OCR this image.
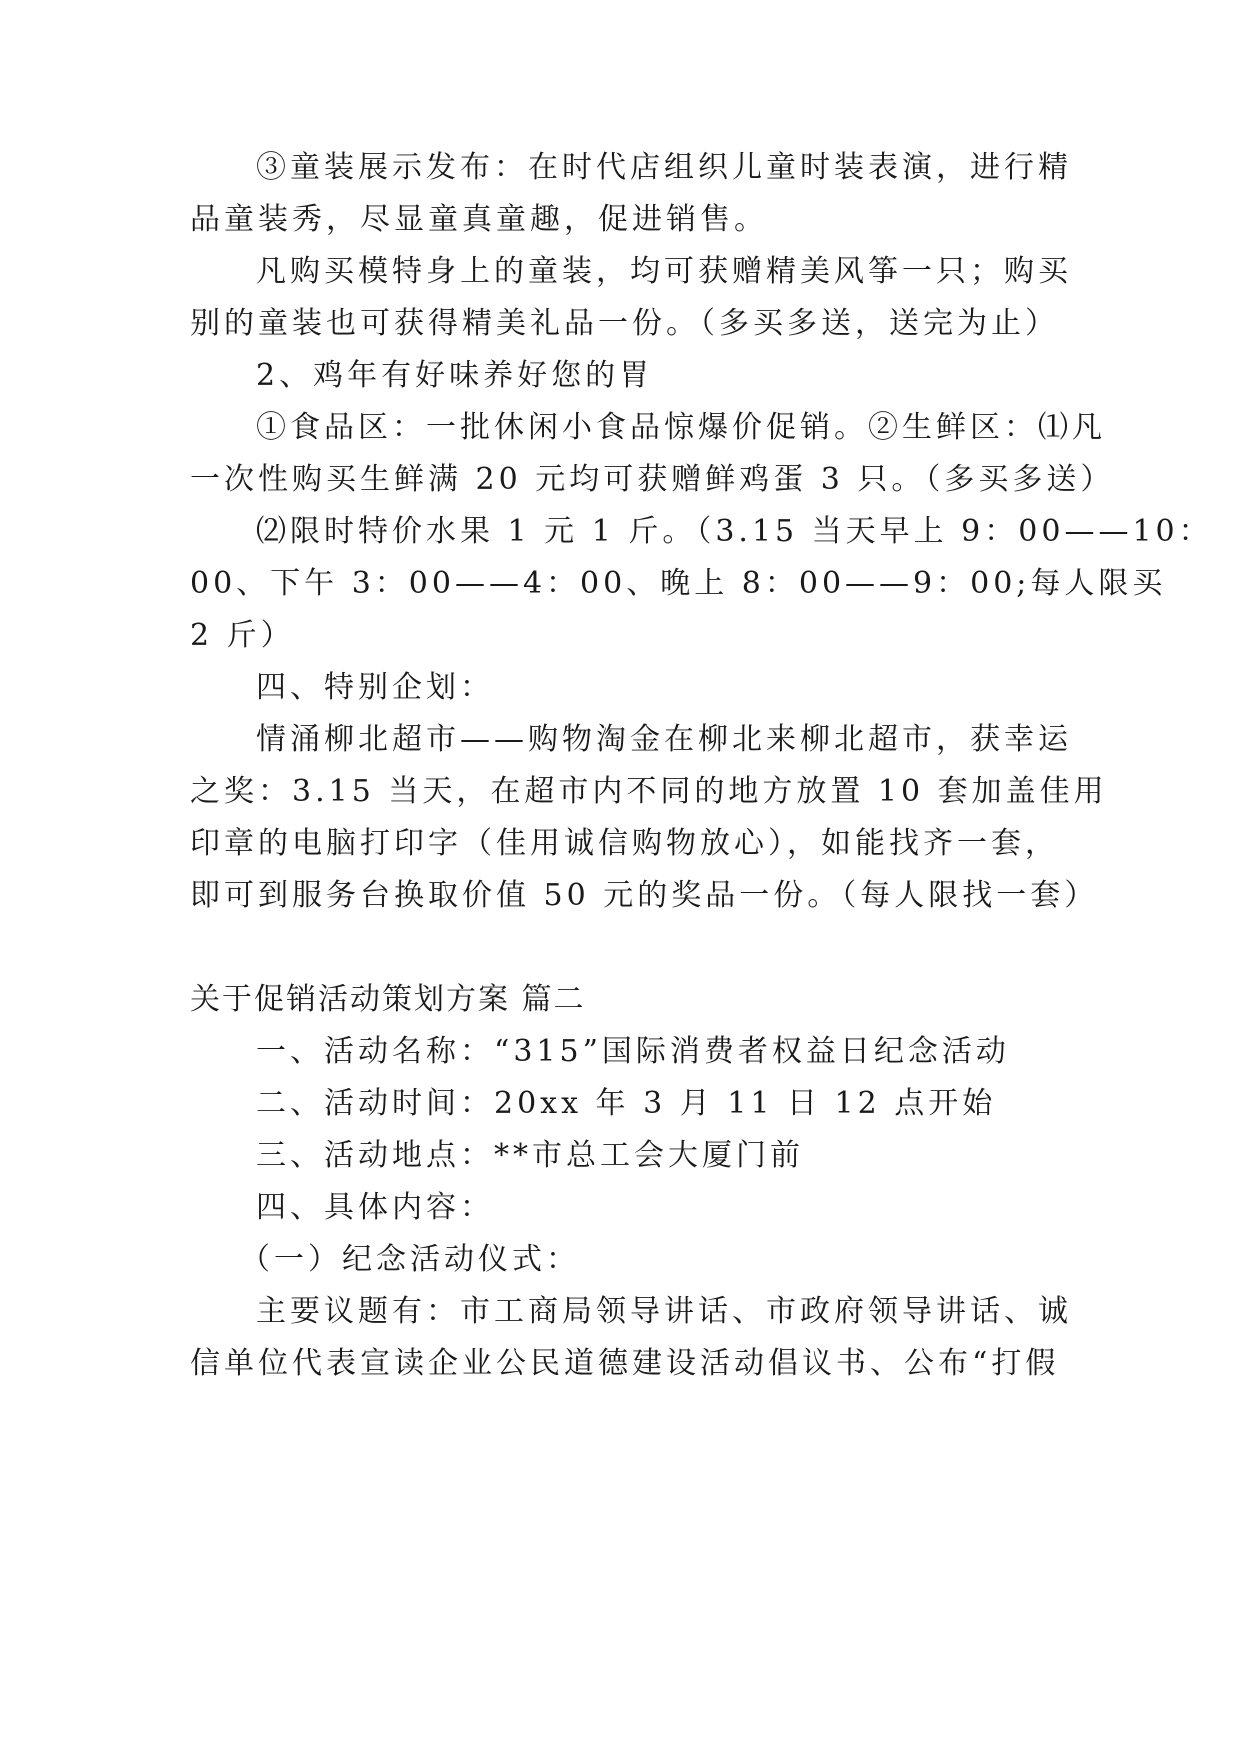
③童装展示发布：在时代店组织儿童时装表演，进行精
品童装秀，尽显童真童趣，促进销售。
凡购买模特身上的童装，均可获赠精美风筝一只；购买
别的童装也可获得精美礼品一份。（多买多送，送完为止）
2、鸡年有好味养好您的胃
①食品区：一批休闲小食品惊爆价促销。②生鲜区：⑴凡
一次性购买生鲜满 20 元均可获赠鲜鸡蛋 3 只。（多买多送）
⑵限时特价水果 1 元 1 斤。（3.15 当天早上 9：00——10：
00、下午 3：00——4：00、晚上 8：00——9：00;每人限买
2 斤）
四、特别企划：
情涌柳北超市——购物淘金在柳北来柳北超市，获幸运
之奖：3.15 当天，在超市内不同的地方放置 10 套加盖佳用
印章的电脑打印字（佳用诚信购物放心），如能找齐一套，
即可到服务台换取价值 50 元的奖品一份。（每人限找一套）
关于促销活动策划方案 篇二
一、活动名称：“315”国际消费者权益日纪念活动
二、活动时间：20xx 年 3 月 11 日 12 点开始
三、活动地点：**市总工会大厦门前
四、具体内容：
（一）纪念活动仪式：
主要议题有：市工商局领导讲话、市政府领导讲话、诚
信单位代表宣读企业公民道德建设活动倡议书、公布“打假
